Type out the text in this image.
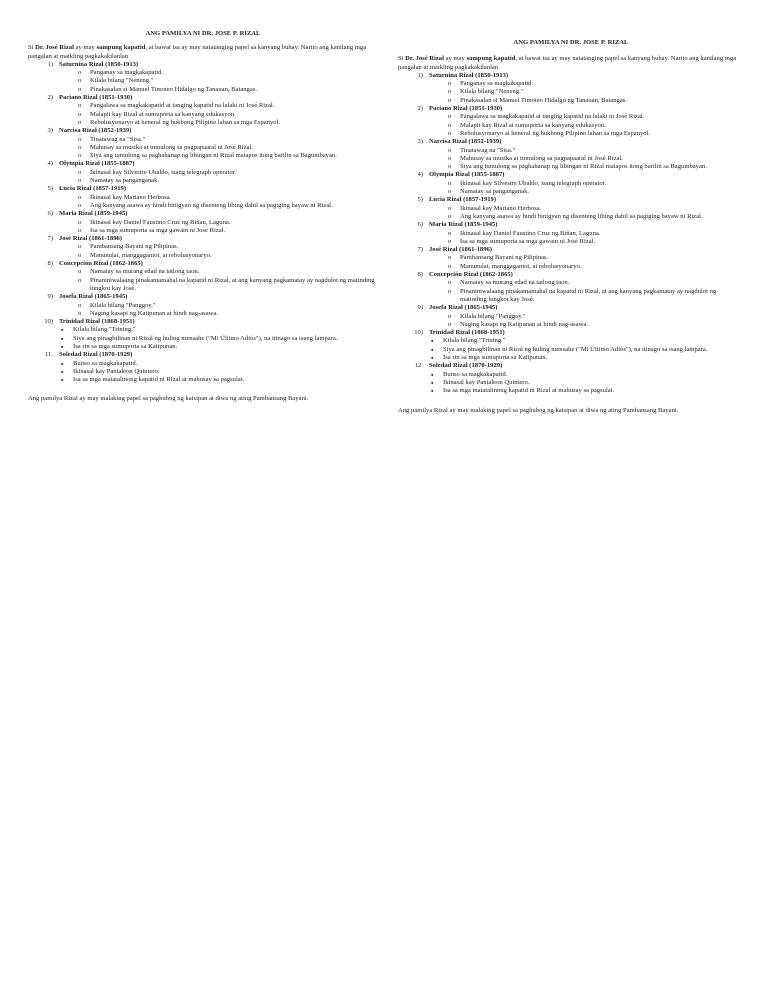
ANG PAMILYA NI DR. JOSE P. RIZAL

Si Dr. José Rizal ay may sampung kapatid, at bawat isa ay may natatanging papel sa kanyang buhay. Narito ang kanilang mga pangalan at maikling pagkakakilanlan

1) Saturnina Rizal (1850-1913)
o Panganay sa magkakapatid.
o Kilala bilang "Neneng."
o Pinakasalan si Manuel Timoteo Hidalgo ng Tanauan, Batangas.
2) Paciano Rizal (1851-1930)
o Pangalawa sa magkakapatid at tanging kapatid na lalaki ni José Rizal.
o Malapit kay Rizal at sumuporta sa kanyang edukasyon.
o Rebolusyonaryo at heneral ng hukbong Pilipino laban sa mga Espanyol.
3) Narcisa Rizal (1852-1939)
o Tinatawag na "Sisa."
o Mahusay sa musika at tumulong sa pagpapaaral ni José Rizal.
o Siya ang tumulong sa paghahanap ng libingan ni Rizal matapos itong barilin sa Bagumbayan.
4) Olympia Rizal (1855-1887)
o Ikinasal kay Silvestre Ubaldo, isang telegraph operator.
o Namatay sa panganganak.
5) Lucia Rizal (1857-1919)
o Ikinasal kay Mariano Herbosa.
o Ang kanyang asawa ay hindi binigyan ng disenteng libing dahil sa pagiging bayaw ni Rizal.
6) Maria Rizal (1859-1945)
o Ikinasal kay Daniel Faustino Cruz ng Biñan, Laguna.
o Isa sa mga sumuporta sa mga gawain ni José Rizal.
7) José Rizal (1861-1896)
o Pambansang Bayani ng Pilipinas.
o Manunulat, manggagamot, at rebolusyonaryo.
8) Concepción Rizal (1862-1865)
o Namatay sa murang edad na tatlong taon.
o Pinaniniwalaang pinakamamahal na kapatid ni Rizal, at ang kanyang pagkamatay ay nagdulot ng matinding lungkot kay José.
9) Josefa Rizal (1865-1945)
o Kilala bilang "Panggoy."
o Naging kasapi ng Katipunan at hindi nag-asawa.
10) Trinidad Rizal (1868-1951)
▪ Kilala bilang "Trining."
▪ Siya ang pinagbilinan ni Rizal ng huling mensahe ("Mi Último Adiós"), na itinago sa isang lampara.
▪ Isa rin sa mga sumuporta sa Katipunan.
11. Soledad Rizal (1870-1929)
▪ Bunso sa magkakapatid.
▪ Ikinasal kay Pantaleon Quintero.
▪ Isa sa mga matatalinong kapatid ni Rizal at mahusay sa pagsulat.

Ang pamilya Rizal ay may malaking papel sa paghubog ng kaisipan at diwa ng ating Pambansang Bayani.

ANG PAMILYA NI DR. JOSE P. RIZAL

Si Dr. José Rizal ay may sampung kapatid, at bawat isa ay may natatanging papel sa kanyang buhay. Narito ang kanilang mga pangalan at maikling pagkakakilanlan

1) Saturnina Rizal (1850-1913)
o Panganay sa magkakapatid.
o Kilala bilang "Neneng."
o Pinakasalan si Manuel Timoteo Hidalgo ng Tanauan, Batangas.
2) Paciano Rizal (1851-1930)
o Pangalawa sa magkakapatid at tanging kapatid na lalaki ni José Rizal.
o Malapit kay Rizal at sumuporta sa kanyang edukasyon.
o Rebolusyonaryo at heneral ng hukbong Pilipino laban sa mga Espanyol.
3) Narcisa Rizal (1852-1939)
o Tinatawag na "Sisa."
o Mahusay sa musika at tumulong sa pagpapaaral ni José Rizal.
o Siya ang tumulong sa paghahanap ng libingan ni Rizal matapos itong barilin sa Bagumbayan.
4) Olympia Rizal (1855-1887)
o Ikinasal kay Silvestre Ubaldo, isang telegraph operator.
o Namatay sa panganganak.
5) Lucia Rizal (1857-1919)
o Ikinasal kay Mariano Herbosa.
o Ang kanyang asawa ay hindi binigyan ng disenteng libing dahil sa pagiging bayaw ni Rizal.
6) Maria Rizal (1859-1945)
o Ikinasal kay Daniel Faustino Cruz ng Biñan, Laguna.
o Isa sa mga sumuporta sa mga gawain ni José Rizal.
7) José Rizal (1861-1896)
o Pambansang Bayani ng Pilipinas.
o Manunulat, manggagamot, at rebolusyonaryo.
8) Concepción Rizal (1862-1865)
o Namatay sa murang edad na tatlong taon.
o Pinaniniwalaang pinakamamahal na kapatid ni Rizal, at ang kanyang pagkamatay ay nagdulot ng matinding lungkot kay José.
9) Josefa Rizal (1865-1945)
o Kilala bilang "Panggoy."
o Naging kasapi ng Katipunan at hindi nag-asawa.
10) Trinidad Rizal (1868-1951)
▪ Kilala bilang "Trining."
▪ Siya ang pinagbilinan ni Rizal ng huling mensahe ("Mi Último Adiós"), na itinago sa isang lampara.
▪ Isa rin sa mga sumuporta sa Katipunan.
12. Soledad Rizal (1870-1929)
▪ Bunso sa magkakapatid.
▪ Ikinasal kay Pantaleon Quintero.
▪ Isa sa mga matatalinong kapatid ni Rizal at mahusay sa pagsulat.

Ang pamilya Rizal ay may malaking papel sa paghubog ng kaisipan at diwa ng ating Pambansang Bayani.
